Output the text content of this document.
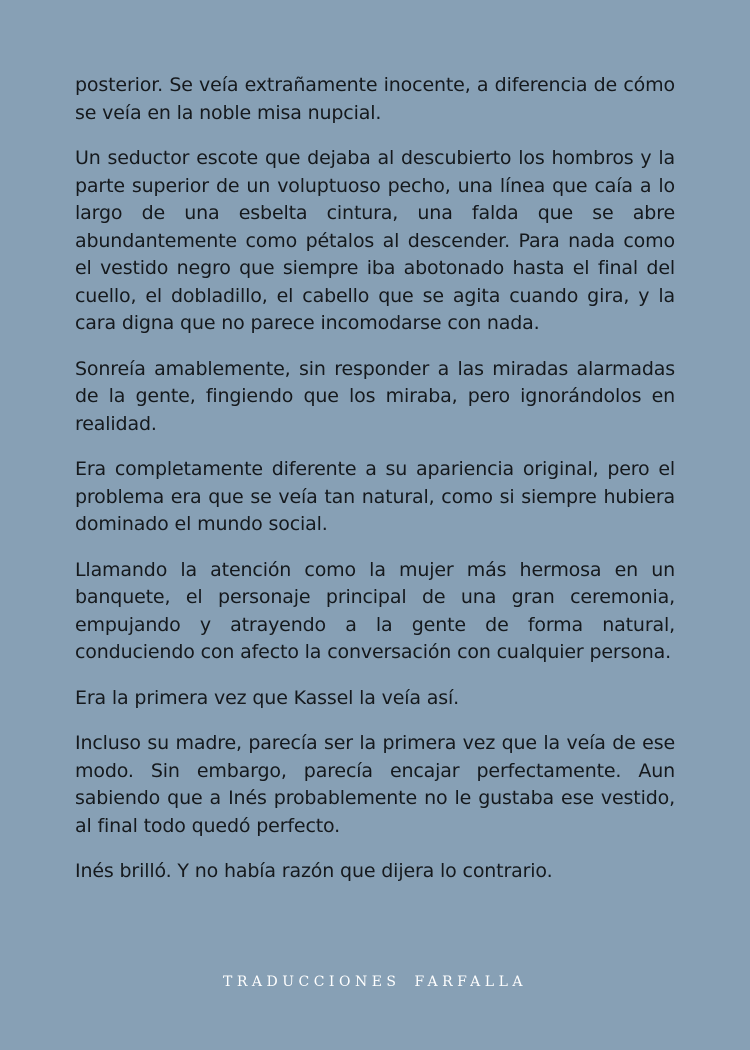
posterior. Se veía extrañamente inocente, a diferencia de cómo se veía en la noble misa nupcial.

Un seductor escote que dejaba al descubierto los hombros y la parte superior de un voluptuoso pecho, una línea que caía a lo largo de una esbelta cintura, una falda que se abre abundantemente como pétalos al descender. Para nada como el vestido negro que siempre iba abotonado hasta el final del cuello, el dobladillo, el cabello que se agita cuando gira, y la cara digna que no parece incomodarse con nada.

Sonreía amablemente, sin responder a las miradas alarmadas de la gente, fingiendo que los miraba, pero ignorándolos en realidad.

Era completamente diferente a su apariencia original, pero el problema era que se veía tan natural, como si siempre hubiera dominado el mundo social.

Llamando la atención como la mujer más hermosa en un banquete, el personaje principal de una gran ceremonia, empujando y atrayendo a la gente de forma natural, conduciendo con afecto la conversación con cualquier persona.

Era la primera vez que Kassel la veía así.

Incluso su madre, parecía ser la primera vez que la veía de ese modo. Sin embargo, parecía encajar perfectamente. Aun sabiendo que a Inés probablemente no le gustaba ese vestido, al final todo quedó perfecto.

Inés brilló. Y no había razón que dijera lo contrario.

TRADUCCIONES FARFALLA
